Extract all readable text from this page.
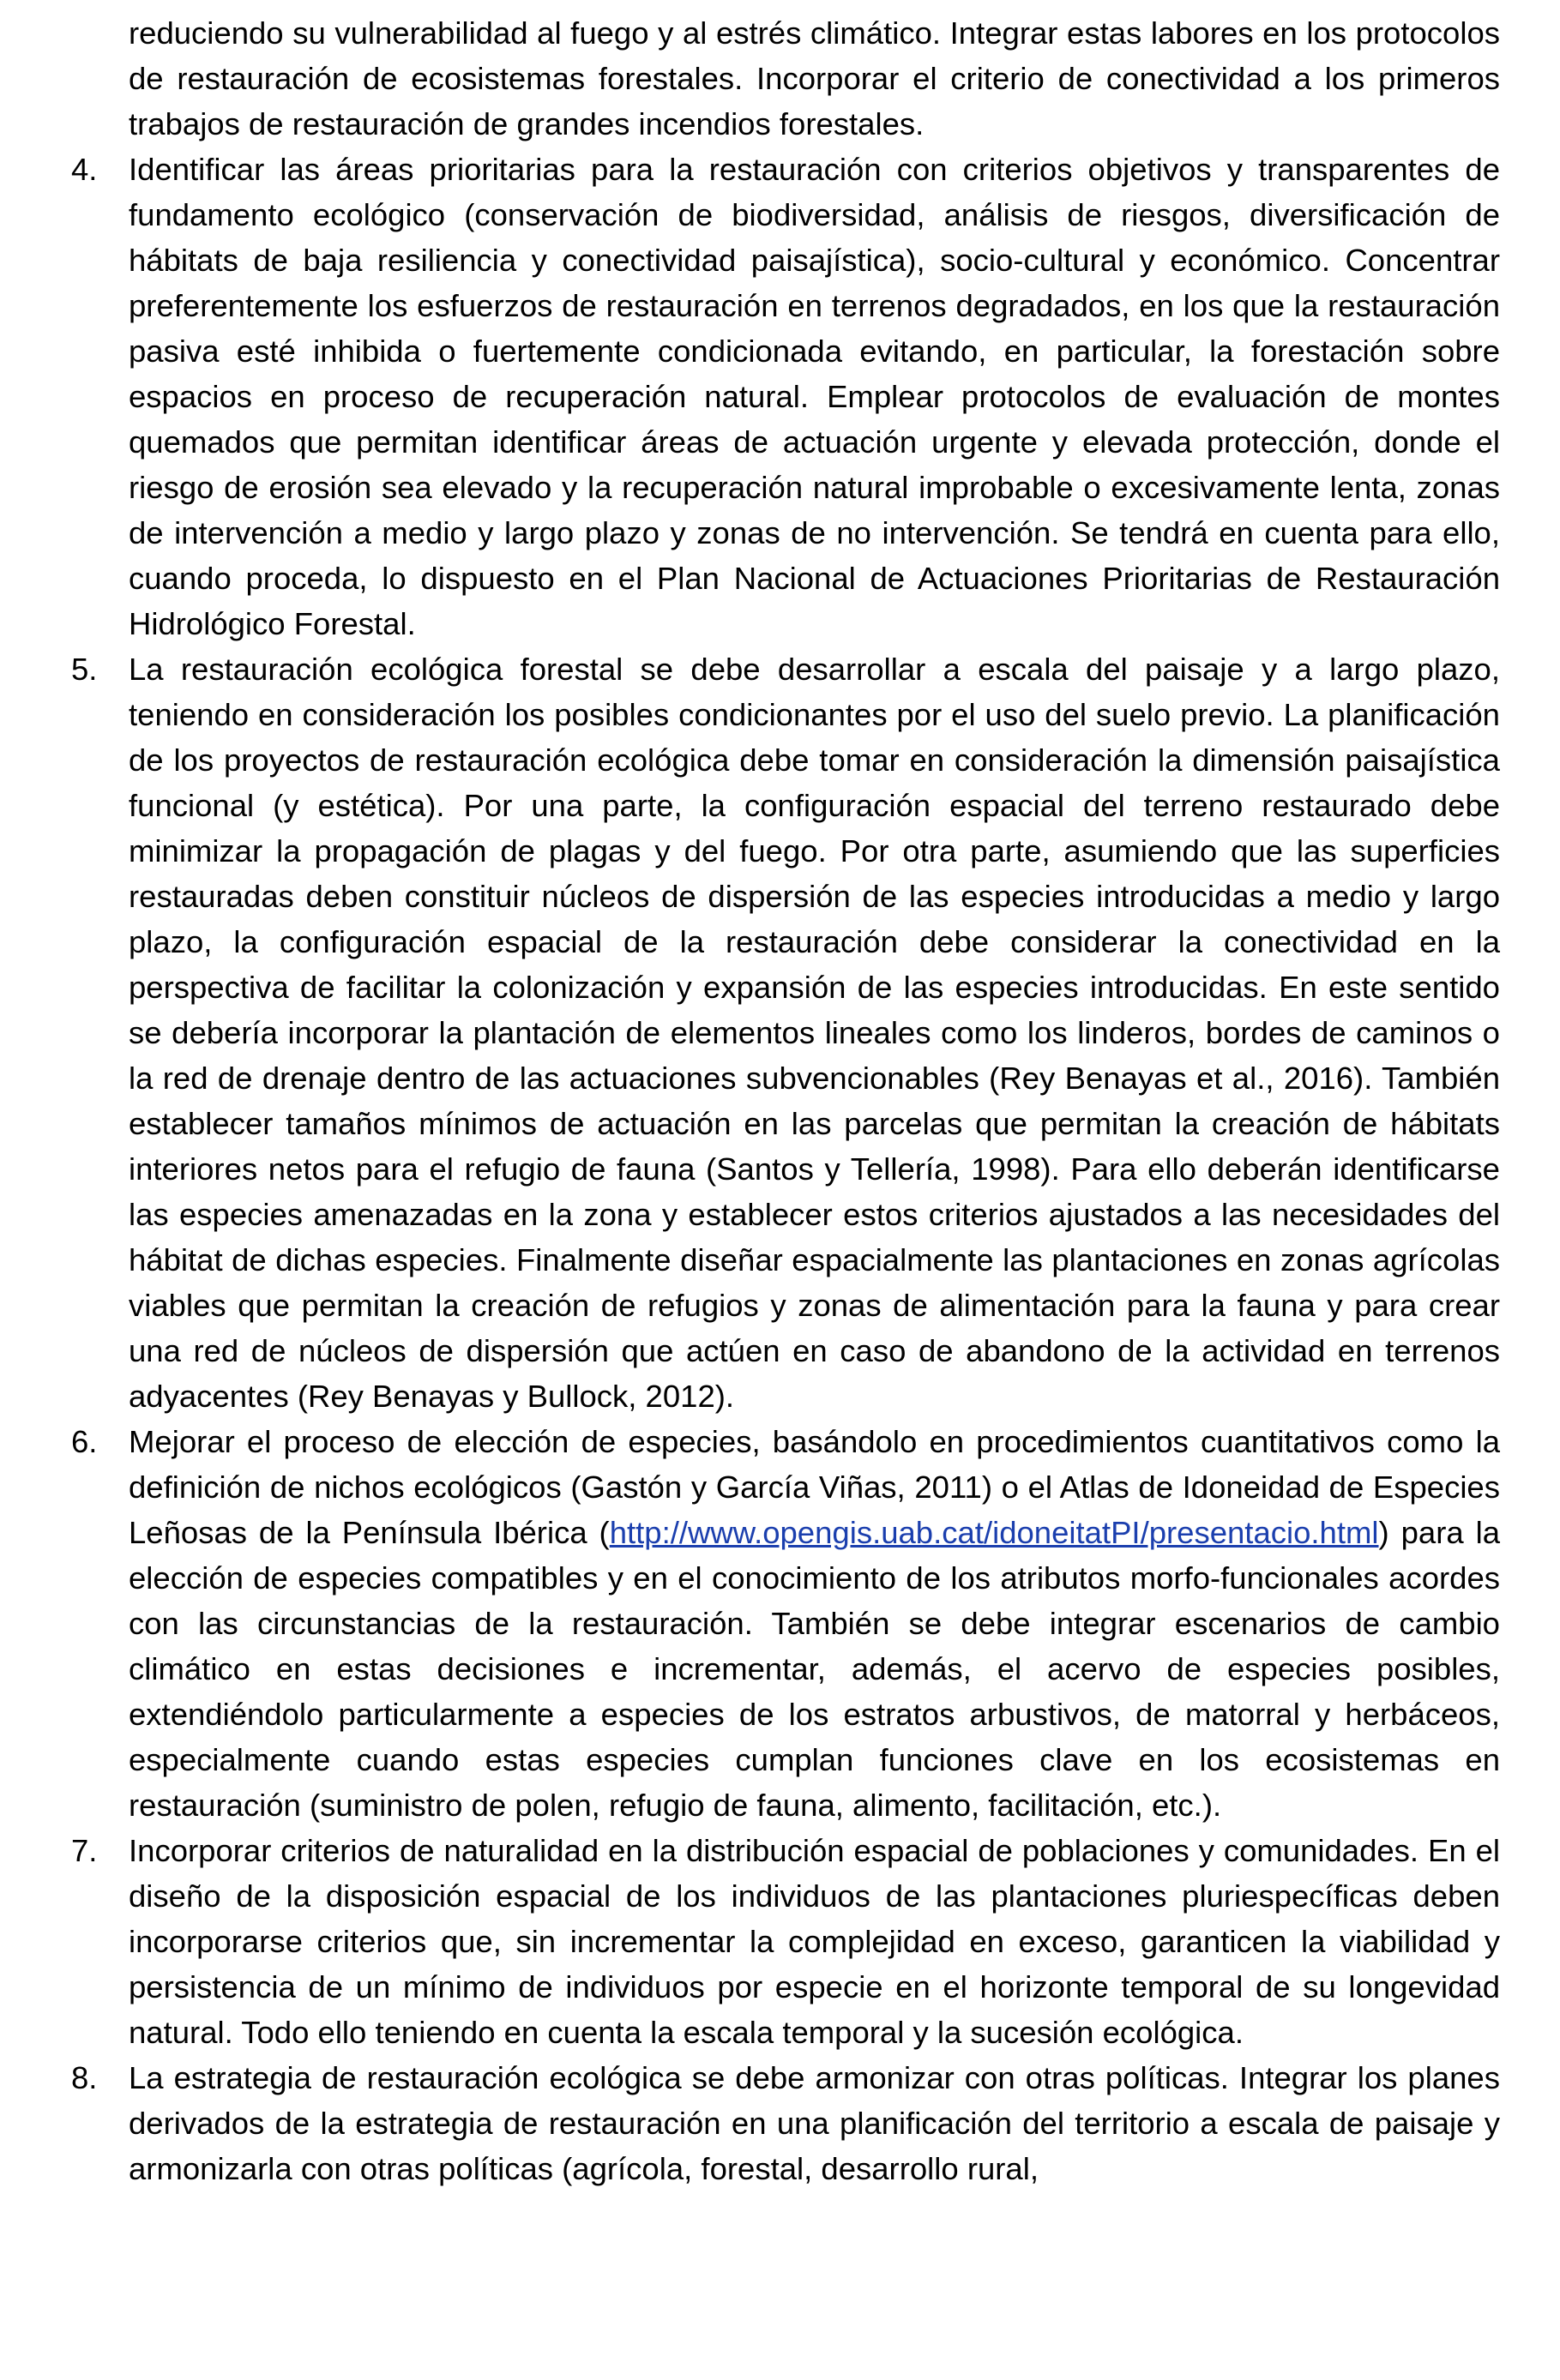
reduciendo su vulnerabilidad al fuego y al estrés climático. Integrar estas labores en los protocolos de restauración de ecosistemas forestales. Incorporar el criterio de conectividad a los primeros trabajos de restauración de grandes incendios forestales.

4.	Identificar las áreas prioritarias para la restauración con criterios objetivos y transparentes de fundamento ecológico (conservación de biodiversidad, análisis de riesgos, diversificación de hábitats de baja resiliencia y conectividad paisajística), socio-cultural y económico. Concentrar preferentemente los esfuerzos de restauración en terrenos degradados, en los que la restauración pasiva esté inhibida o fuertemente condicionada evitando, en particular, la forestación sobre espacios en proceso de recuperación natural. Emplear protocolos de evaluación de montes quemados que permitan identificar áreas de actuación urgente y elevada protección, donde el riesgo de erosión sea elevado y la recuperación natural improbable o excesivamente lenta, zonas de intervención a medio y largo plazo y zonas de no intervención. Se tendrá en cuenta para ello, cuando proceda, lo dispuesto en el Plan Nacional de Actuaciones Prioritarias de Restauración Hidrológico Forestal.
5.	La restauración ecológica forestal se debe desarrollar a escala del paisaje y a largo plazo, teniendo en consideración los posibles condicionantes por el uso del suelo previo. La planificación de los proyectos de restauración ecológica debe tomar en consideración la dimensión paisajística funcional (y estética). Por una parte, la configuración espacial del terreno restaurado debe minimizar la propagación de plagas y del fuego. Por otra parte, asumiendo que las superficies restauradas deben constituir núcleos de dispersión de las especies introducidas a medio y largo plazo, la configuración espacial de la restauración debe considerar la conectividad en la perspectiva de facilitar la colonización y expansión de las especies introducidas. En este sentido se debería incorporar la plantación de elementos lineales como los linderos, bordes de caminos o la red de drenaje dentro de las actuaciones subvencionables (Rey Benayas et al., 2016). También establecer tamaños mínimos de actuación en las parcelas que permitan la creación de hábitats interiores netos para el refugio de fauna (Santos y Tellería, 1998). Para ello deberán identificarse las especies amenazadas en la zona y establecer estos criterios ajustados a las necesidades del hábitat de dichas especies. Finalmente diseñar espacialmente las plantaciones en zonas agrícolas viables que permitan la creación de refugios y zonas de alimentación para la fauna y para crear una red de núcleos de dispersión que actúen en caso de abandono de la actividad en terrenos adyacentes (Rey Benayas y Bullock, 2012).
6.	Mejorar el proceso de elección de especies, basándolo en procedimientos cuantitativos como la definición de nichos ecológicos (Gastón y García Viñas, 2011) o el Atlas de Idoneidad de Especies Leñosas de la Península Ibérica (http://www.opengis.uab.cat/idoneitatPI/presentacio.html) para la elección de especies compatibles y en el conocimiento de los atributos morfo-funcionales acordes con las circunstancias de la restauración. También se debe integrar escenarios de cambio climático en estas decisiones e incrementar, además, el acervo de especies posibles, extendiéndolo particularmente a especies de los estratos arbustivos, de matorral y herbáceos, especialmente cuando estas especies cumplan funciones clave en los ecosistemas en restauración (suministro de polen, refugio de fauna, alimento, facilitación, etc.).
7.	Incorporar criterios de naturalidad en la distribución espacial de poblaciones y comunidades. En el diseño de la disposición espacial de los individuos de las plantaciones pluriespecíficas deben incorporarse criterios que, sin incrementar la complejidad en exceso, garanticen la viabilidad y persistencia de un mínimo de individuos por especie en el horizonte temporal de su longevidad natural. Todo ello teniendo en cuenta la escala temporal y la sucesión ecológica.
8.	La estrategia de restauración ecológica se debe armonizar con otras políticas. Integrar los planes derivados de la estrategia de restauración en una planificación del territorio a escala de paisaje y armonizarla con otras políticas (agrícola, forestal, desarrollo rural,
